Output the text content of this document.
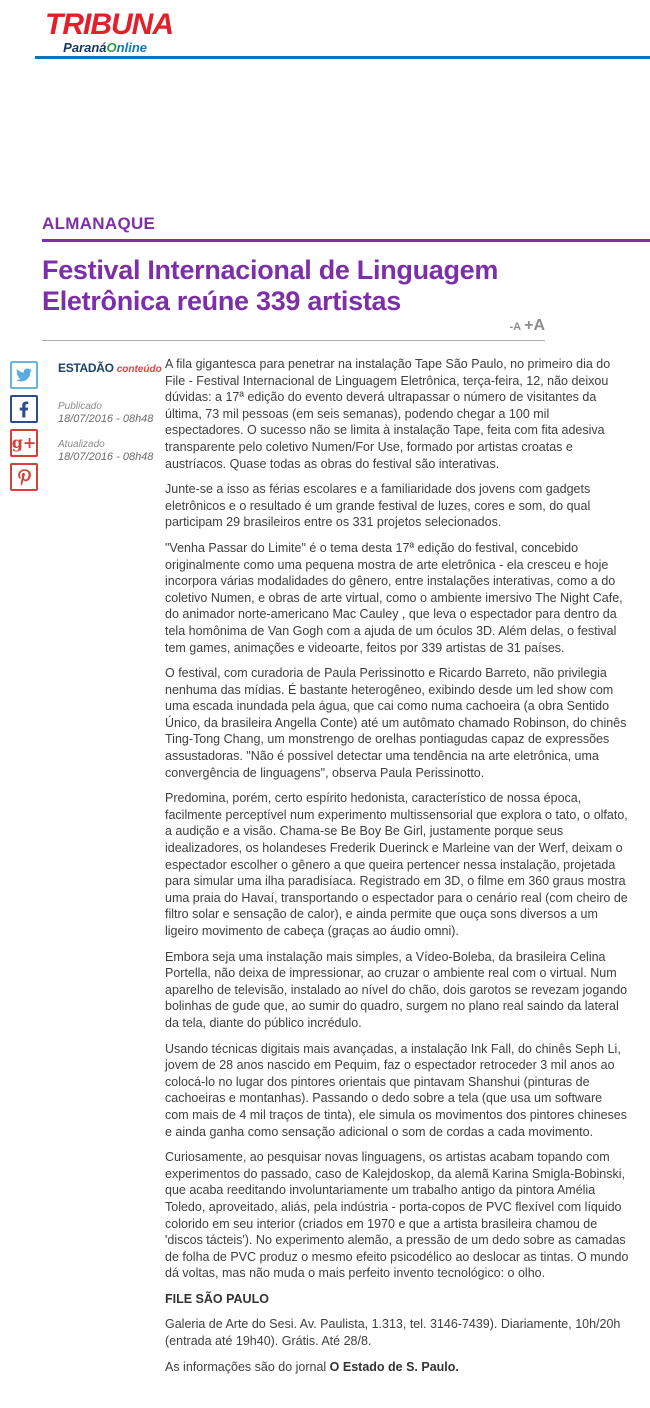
TRIBUNA
ParanáOnline
ALMANAQUE
Festival Internacional de Linguagem Eletrônica reúne 339 artistas
-A +A
g+
ESTADÃO conteúdo
Publicado
18/07/2016 - 08h48
Atualizado
18/07/2016 - 08h48

A fila gigantesca para penetrar na instalação Tape São Paulo, no primeiro dia do File - Festival Internacional de Linguagem Eletrônica, terça-feira, 12, não deixou dúvidas: a 17ª edição do evento deverá ultrapassar o número de visitantes da última, 73 mil pessoas (em seis semanas), podendo chegar a 100 mil espectadores. O sucesso não se limita à instalação Tape, feita com fita adesiva transparente pelo coletivo Numen/For Use, formado por artistas croatas e austríacos. Quase todas as obras do festival são interativas.

Junte-se a isso as férias escolares e a familiaridade dos jovens com gadgets eletrônicos e o resultado é um grande festival de luzes, cores e som, do qual participam 29 brasileiros entre os 331 projetos selecionados.

"Venha Passar do Limite" é o tema desta 17ª edição do festival, concebido originalmente como uma pequena mostra de arte eletrônica - ela cresceu e hoje incorpora várias modalidades do gênero, entre instalações interativas, como a do coletivo Numen, e obras de arte virtual, como o ambiente imersivo The Night Cafe, do animador norte-americano Mac Cauley , que leva o espectador para dentro da tela homônima de Van Gogh com a ajuda de um óculos 3D. Além delas, o festival tem games, animações e videoarte, feitos por 339 artistas de 31 países.

O festival, com curadoria de Paula Perissinotto e Ricardo Barreto, não privilegia nenhuma das mídias. É bastante heterogêneo, exibindo desde um led show com uma escada inundada pela água, que cai como numa cachoeira (a obra Sentido Único, da brasileira Angella Conte) até um autômato chamado Robinson, do chinês Ting-Tong Chang, um monstrengo de orelhas pontiagudas capaz de expressões assustadoras. "Não é possível detectar uma tendência na arte eletrônica, uma convergência de linguagens", observa Paula Perissinotto.

Predomina, porém, certo espírito hedonista, característico de nossa época, facilmente perceptível num experimento multissensorial que explora o tato, o olfato, a audição e a visão. Chama-se Be Boy Be Girl, justamente porque seus idealizadores, os holandeses Frederik Duerinck e Marleine van der Werf, deixam o espectador escolher o gênero a que queira pertencer nessa instalação, projetada para simular uma ilha paradisíaca. Registrado em 3D, o filme em 360 graus mostra uma praia do Havaí, transportando o espectador para o cenário real (com cheiro de filtro solar e sensação de calor), e ainda permite que ouça sons diversos a um ligeiro movimento de cabeça (graças ao áudio omni).

Embora seja uma instalação mais simples, a Vídeo-Boleba, da brasileira Celina Portella, não deixa de impressionar, ao cruzar o ambiente real com o virtual. Num aparelho de televisão, instalado ao nível do chão, dois garotos se revezam jogando bolinhas de gude que, ao sumir do quadro, surgem no plano real saindo da lateral da tela, diante do público incrédulo.

Usando técnicas digitais mais avançadas, a instalação Ink Fall, do chinês Seph Li, jovem de 28 anos nascido em Pequim, faz o espectador retroceder 3 mil anos ao colocá-lo no lugar dos pintores orientais que pintavam Shanshui (pinturas de cachoeiras e montanhas). Passando o dedo sobre a tela (que usa um software com mais de 4 mil traços de tinta), ele simula os movimentos dos pintores chineses e ainda ganha como sensação adicional o som de cordas a cada movimento.

Curiosamente, ao pesquisar novas linguagens, os artistas acabam topando com experimentos do passado, caso de Kalejdoskop, da alemã Karina Smigla-Bobinski, que acaba reeditando involuntariamente um trabalho antigo da pintora Amélia Toledo, aproveitado, aliás, pela indústria - porta-copos de PVC flexível com líquido colorido em seu interior (criados em 1970 e que a artista brasileira chamou de 'discos tácteis'). No experimento alemão, a pressão de um dedo sobre as camadas de folha de PVC produz o mesmo efeito psicodélico ao deslocar as tintas. O mundo dá voltas, mas não muda o mais perfeito invento tecnológico: o olho.

FILE SÃO PAULO

Galeria de Arte do Sesi. Av. Paulista, 1.313, tel. 3146-7439). Diariamente, 10h/20h (entrada até 19h40). Grátis. Até 28/8.

As informações são do jornal O Estado de S. Paulo.
